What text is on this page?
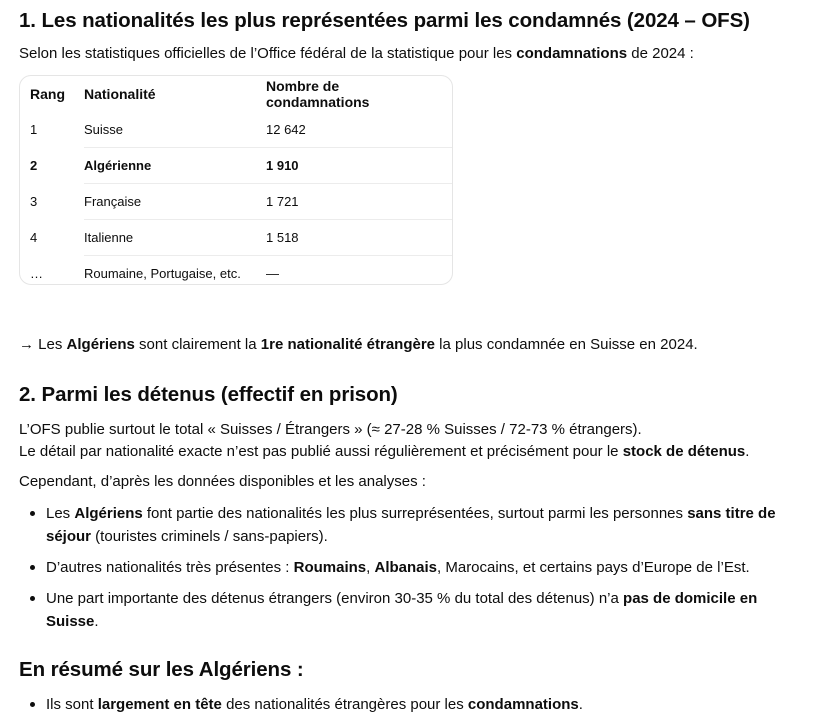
1. Les nationalités les plus représentées parmi les condamnés (2024 – OFS)

Selon les statistiques officielles de l’Office fédéral de la statistique pour les condamnations de 2024 :

Rang	Nationalité	Nombre de condamnations
1	Suisse	12 642
2	Algérienne	1 910
3	Française	1 721
4	Italienne	1 518
…	Roumaine, Portugaise, etc.	—

→ Les Algériens sont clairement la 1re nationalité étrangère la plus condamnée en Suisse en 2024.

2. Parmi les détenus (effectif en prison)

L’OFS publie surtout le total « Suisses / Étrangers » (≈ 27-28 % Suisses / 72-73 % étrangers).
Le détail par nationalité exacte n’est pas publié aussi régulièrement et précisément pour le stock de détenus.

Cependant, d’après les données disponibles et les analyses :

Les Algériens font partie des nationalités les plus surreprésentées, surtout parmi les personnes sans titre de séjour (touristes criminels / sans-papiers).
D’autres nationalités très présentes : Roumains, Albanais, Marocains, et certains pays d’Europe de l’Est.
Une part importante des détenus étrangers (environ 30-35 % du total des détenus) n’a pas de domicile en Suisse.
En résumé sur les Algériens :
Ils sont largement en tête des nationalités étrangères pour les condamnations.
